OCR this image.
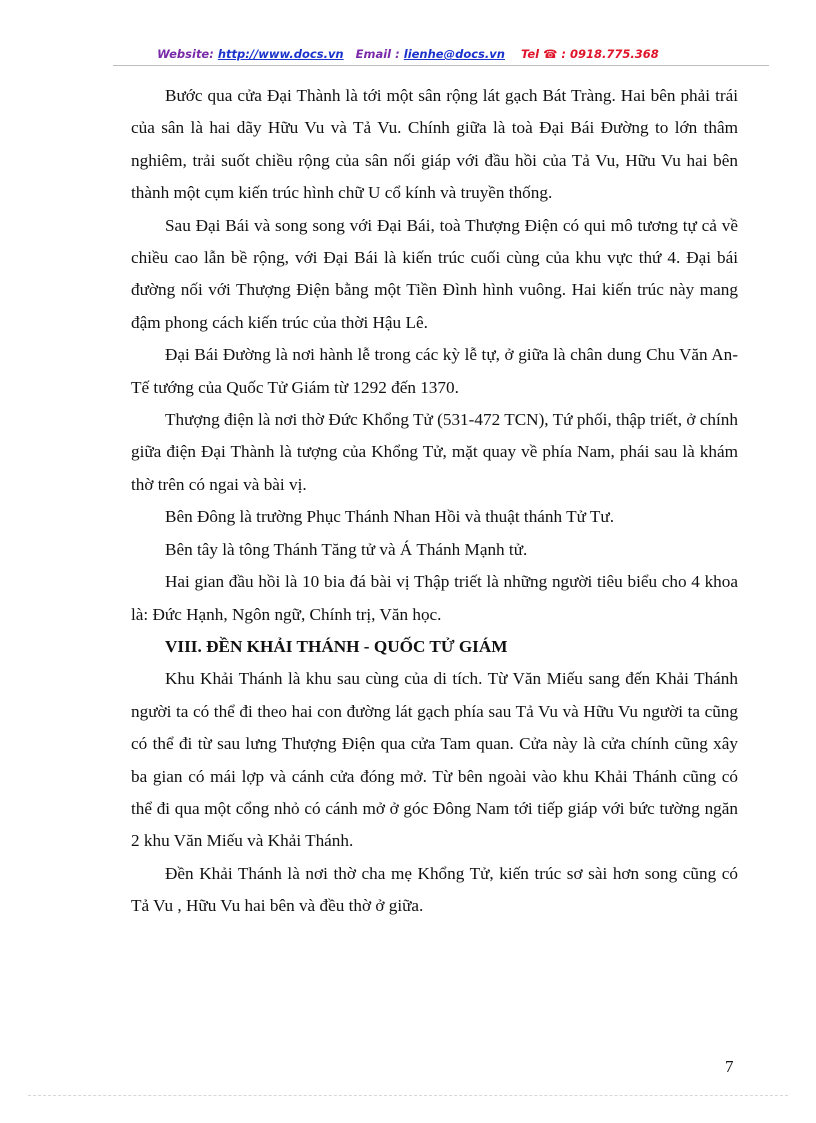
Website: http://www.docs.vn Email : lienhe@docs.vn Tel ☎ : 0918.775.368

Bước qua cửa Đại Thành là tới một sân rộng lát gạch Bát Tràng. Hai bên phải trái của sân là hai dãy Hữu Vu và Tả Vu. Chính giữa là toà Đại Bái Đường to lớn thâm nghiêm, trải suốt chiều rộng của sân nối giáp với đầu hồi của Tả Vu, Hữu Vu hai bên thành một cụm kiến trúc hình chữ U cổ kính và truyền thống.

Sau Đại Bái và song song với Đại Bái, toà Thượng Điện có qui mô tương tự cả về chiều cao lẫn bề rộng, với Đại Bái là kiến trúc cuối cùng của khu vực thứ 4. Đại bái đường nối với Thượng Điện bằng một Tiền Đình hình vuông. Hai kiến trúc này mang đậm phong cách kiến trúc của thời Hậu Lê.

Đại Bái Đường là nơi hành lễ trong các kỳ lễ tự, ở giữa là chân dung Chu Văn An- Tế tướng của Quốc Tử Giám từ 1292 đến 1370.

Thượng điện là nơi thờ Đức Khổng Tử (531-472 TCN), Tứ phối, thập triết, ở chính giữa điện Đại Thành là tượng của Khổng Tử, mặt quay về phía Nam, phái sau là khám thờ trên có ngai và bài vị.

Bên Đông là trường Phục Thánh Nhan Hồi và thuật thánh Tử Tư.

Bên tây là tông Thánh Tăng tử và Á Thánh Mạnh tử.

Hai gian đầu hồi là 10 bia đá bài vị Thập triết là những người tiêu biểu cho 4 khoa là: Đức Hạnh, Ngôn ngữ, Chính trị, Văn học.

VIII. ĐỀN KHẢI THÁNH - QUỐC TỬ GIÁM

Khu Khải Thánh là khu sau cùng của di tích. Từ Văn Miếu sang đến Khải Thánh người ta có thể đi theo hai con đường lát gạch phía sau Tả Vu và Hữu Vu người ta cũng có thể đi từ sau lưng Thượng Điện qua cửa Tam quan. Cửa này là cửa chính cũng xây ba gian có mái lợp và cánh cửa đóng mở. Từ bên ngoài vào khu Khải Thánh cũng có thể đi qua một cổng nhỏ có cánh mở ở góc Đông Nam tới tiếp giáp với bức tường ngăn 2 khu Văn Miếu và Khải Thánh.

Đền Khải Thánh là nơi thờ cha mẹ Khổng Tử, kiến trúc sơ sài hơn song cũng có Tả Vu , Hữu Vu hai bên và đều thờ ở giữa.

7
